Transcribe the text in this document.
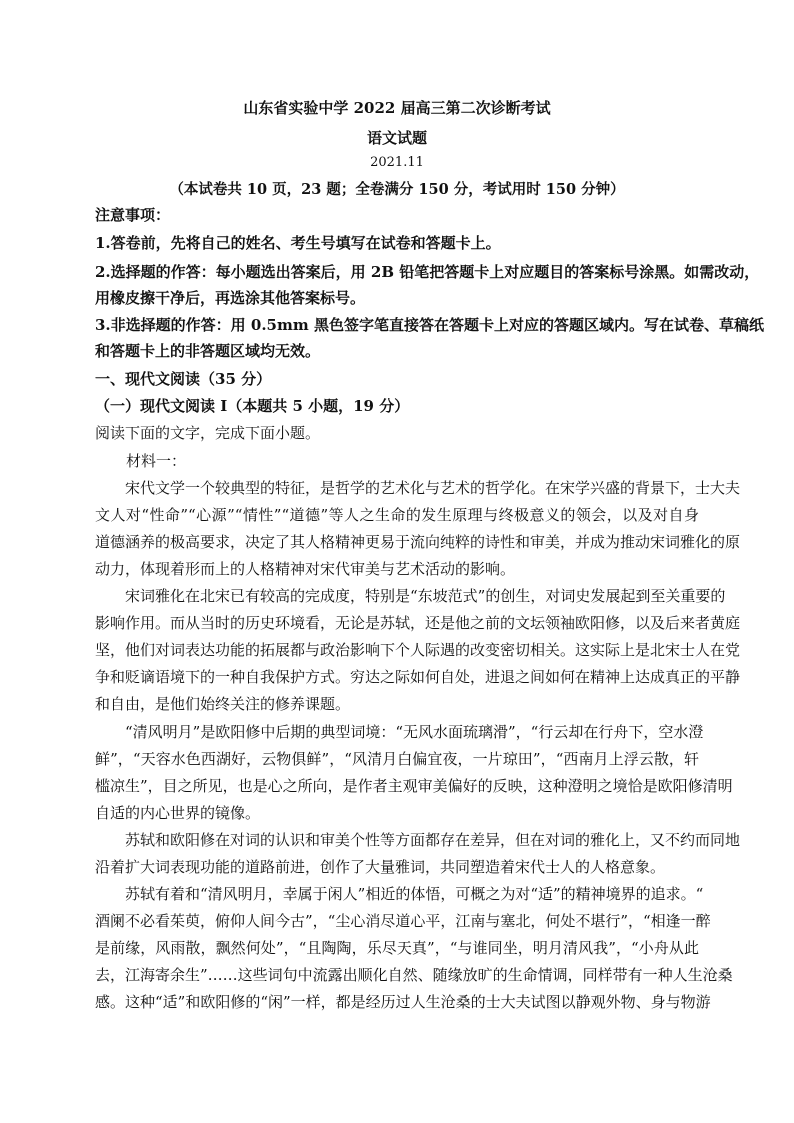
山东省实验中学 2022 届高三第二次诊断考试
语文试题
2021.11
（本试卷共 10 页，23 题；全卷满分 150 分，考试用时 150 分钟）
注意事项：
1.答卷前，先将自己的姓名、考生号填写在试卷和答题卡上。
2.选择题的作答：每小题选出答案后，用 2B 铅笔把答题卡上对应题目的答案标号涂黑。如需改动，
用橡皮擦干净后，再选涂其他答案标号。
3.非选择题的作答：用 0.5mm 黑色签字笔直接答在答题卡上对应的答题区域内。写在试卷、草稿纸
和答题卡上的非答题区域均无效。
一、现代文阅读（35 分）
（一）现代文阅读 I（本题共 5 小题，19 分）
阅读下面的文字，完成下面小题。
材料一：
　　宋代文学一个较典型的特征，是哲学的艺术化与艺术的哲学化。在宋学兴盛的背景下，士大夫
文人对“性命”“心源”“情性”“道德”等人之生命的发生原理与终极意义的领会，以及对自身
道德涵养的极高要求，决定了其人格精神更易于流向纯粹的诗性和审美，并成为推动宋词雅化的原
动力，体现着形而上的人格精神对宋代审美与艺术活动的影响。
　　宋词雅化在北宋已有较高的完成度，特别是“东坡范式”的创生，对词史发展起到至关重要的
影响作用。而从当时的历史环境看，无论是苏轼，还是他之前的文坛领袖欧阳修，以及后来者黄庭
坚，他们对词表达功能的拓展都与政治影响下个人际遇的改变密切相关。这实际上是北宋士人在党
争和贬谪语境下的一种自我保护方式。穷达之际如何自处，进退之间如何在精神上达成真正的平静
和自由，是他们始终关注的修养课题。
　　“清风明月”是欧阳修中后期的典型词境：“无风水面琉璃滑”，“行云却在行舟下，空水澄
鲜”，“天容水色西湖好，云物俱鲜”，“风清月白偏宜夜，一片琼田”，“西南月上浮云散，轩
槛凉生”，目之所见，也是心之所向，是作者主观审美偏好的反映，这种澄明之境恰是欧阳修清明
自适的内心世界的镜像。
　　苏轼和欧阳修在对词的认识和审美个性等方面都存在差异，但在对词的雅化上，又不约而同地
沿着扩大词表现功能的道路前进，创作了大量雅词，共同塑造着宋代士人的人格意象。
　　苏轼有着和“清风明月，幸属于闲人”相近的体悟，可概之为对“适”的精神境界的追求。“
酒阑不必看茱萸，俯仰人间今古”，“尘心消尽道心平，江南与塞北，何处不堪行”，“相逢一醉
是前缘，风雨散，飘然何处”，“且陶陶，乐尽天真”，“与谁同坐，明月清风我”，“小舟从此
去，江海寄余生”……这些词句中流露出顺化自然、随缘放旷的生命情调，同样带有一种人生沧桑
感。这种“适”和欧阳修的“闲”一样，都是经历过人生沧桑的士大夫试图以静观外物、身与物游
